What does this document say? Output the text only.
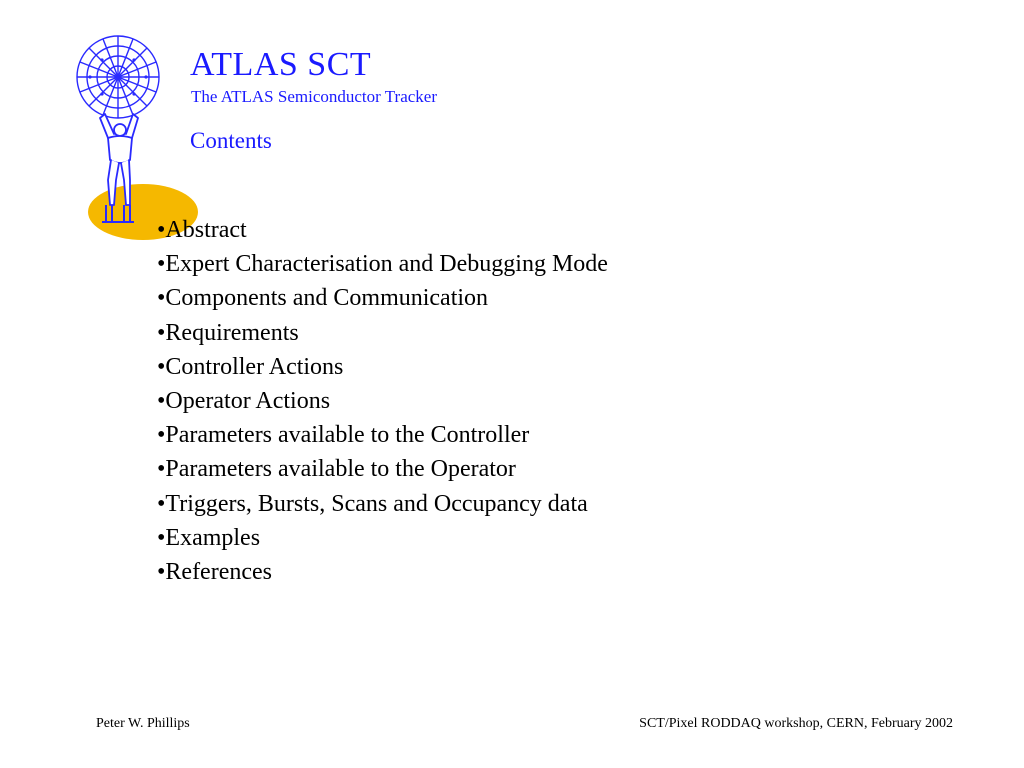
ATLAS SCT
The ATLAS Semiconductor Tracker
Contents
• Abstract
• Expert Characterisation and Debugging Mode
• Components and Communication
• Requirements
• Controller Actions
• Operator Actions
• Parameters available to the Controller
• Parameters available to the Operator
• Triggers, Bursts, Scans and Occupancy data
• Examples
• References
Peter W. Phillips	SCT/Pixel RODDAQ workshop, CERN, February 2002
